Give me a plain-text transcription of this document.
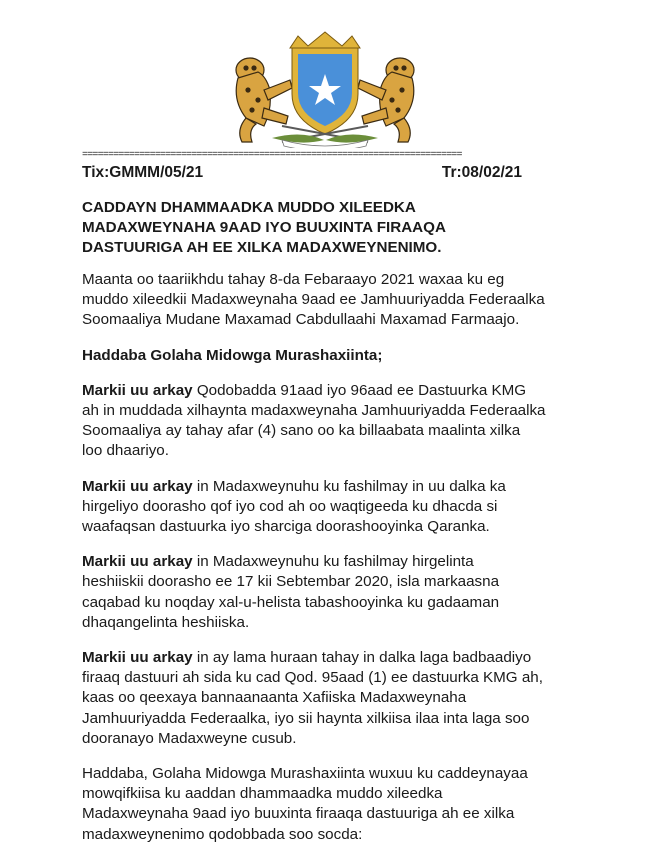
=========================================================================
Tix:GMMM/05/21	Tr:08/02/21
CADDAYN DHAMMAADKA MUDDO XILEEDKA
MADAXWEYNAHA 9AAD IYO BUUXINTA FIRAAQA
DASTUURIGA AH EE XILKA MADAXWEYNENIMO.
Maanta oo taariikhdu tahay 8-da Febaraayo 2021 waxaa ku eg
muddo xileedkii Madaxweynaha 9aad ee Jamhuuriyadda Federaalka
Soomaaliya Mudane Maxamad Cabdullaahi Maxamad Farmaajo.
Haddaba Golaha Midowga Murashaxiinta;
Markii uu arkay Qodobadda 91aad iyo 96aad ee Dastuurka KMG
ah in muddada xilhaynta madaxweynaha Jamhuuriyadda Federaalka
Soomaaliya ay tahay afar (4) sano oo ka billaabata maalinta xilka
loo dhaariyo.
Markii uu arkay in Madaxweynuhu ku fashilmay in uu dalka ka
hirgeliyo doorasho qof iyo cod ah oo waqtigeeda ku dhacda si
waafaqsan dastuurka iyo sharciga doorashooyinka Qaranka.
Markii uu arkay in Madaxweynuhu ku fashilmay hirgelinta
heshiiskii doorasho ee 17 kii Sebtembar 2020, isla markaasna
caqabad ku noqday xal-u-helista tabashooyinka ku gadaaman
dhaqangelinta heshiiska.
Markii uu arkay in ay lama huraan tahay in dalka laga badbaadiyo
firaaq dastuuri ah sida ku cad Qod. 95aad (1) ee dastuurka KMG ah,
kaas oo qeexaya bannaanaanta Xafiiska Madaxweynaha
Jamhuuriyadda Federaalka, iyo sii haynta xilkiisa ilaa inta laga soo
dooranayo Madaxweyne cusub.
Haddaba, Golaha Midowga Murashaxiinta wuxuu ku caddeynayaa
mowqifkiisa ku aaddan dhammaadka muddo xileedka
Madaxweynaha 9aad iyo buuxinta firaaqa dastuuriga ah ee xilka
madaxweynenimo qodobbada soo socda:
